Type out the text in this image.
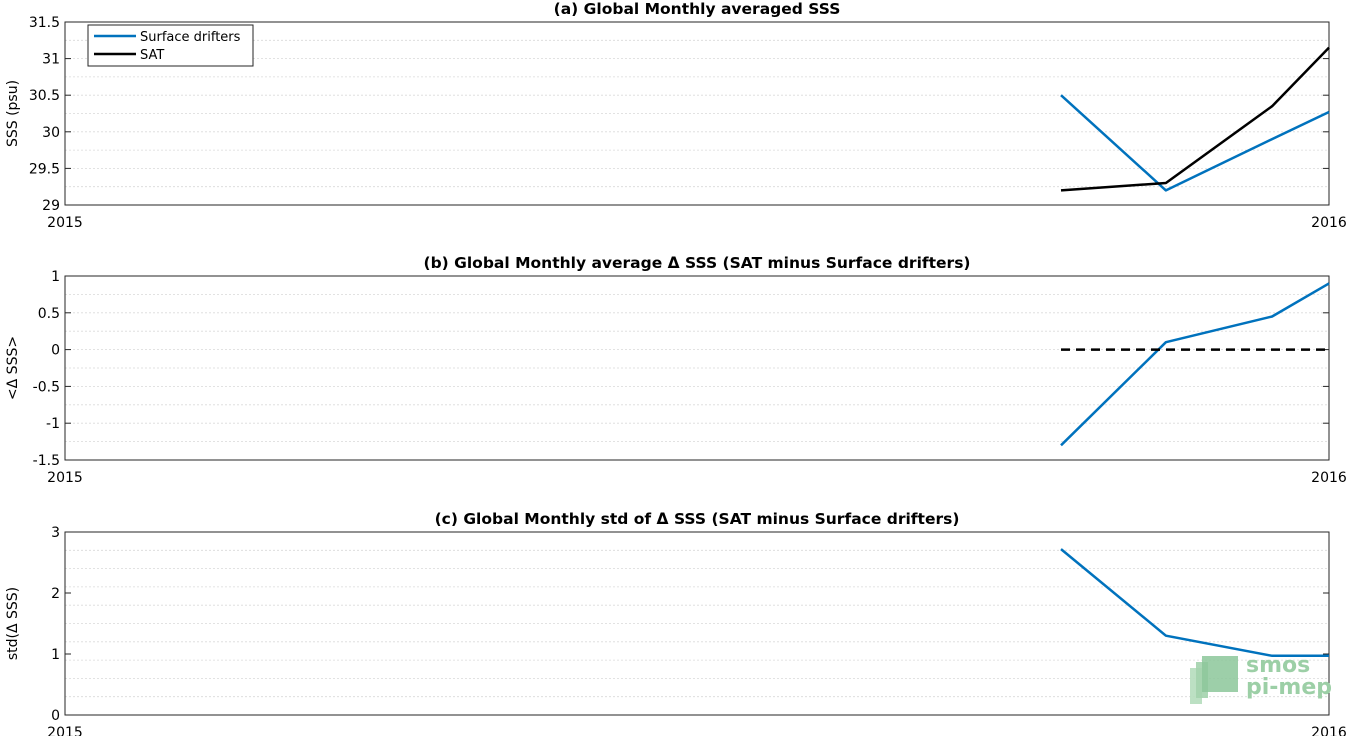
29
29.5
30
30.5
31
31.5
2015	2016
(a) Global Monthly averaged SSS
SSS (psu)
Surface drifters
SAT
-1.5
-1
-0.5
0
0.5
1
2015	2016
(b) Global Monthly average Δ SSS (SAT minus Surface drifters)
<Δ SSS>
0
1
2
3
2015	2016
(c) Global Monthly std of Δ SSS (SAT minus Surface drifters)
std(Δ SSS)
smos
pi-mep
